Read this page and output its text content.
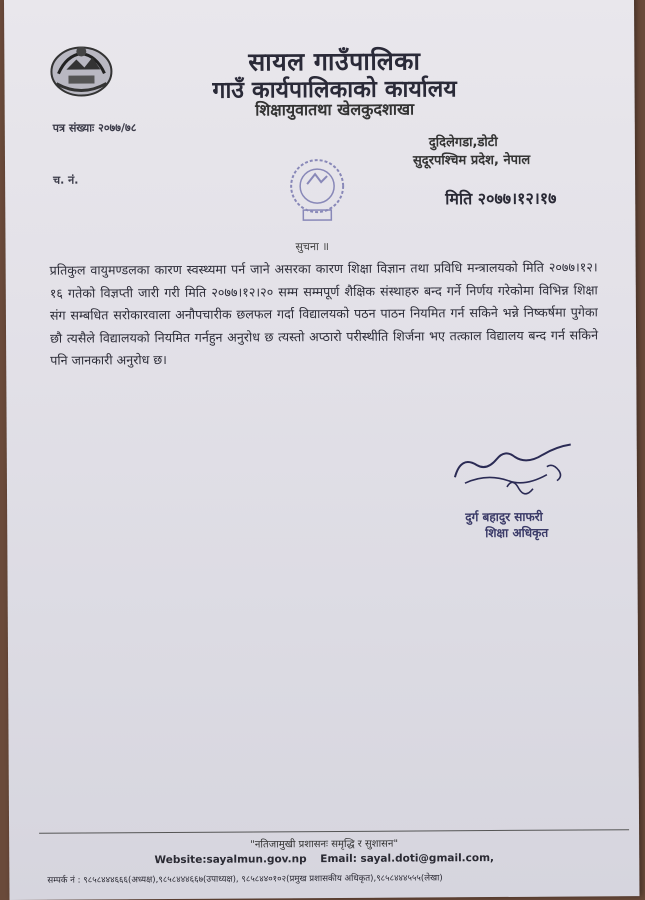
सायल गाउँपालिका
गाउँ कार्यपालिकाको कार्यालय
शिक्षायुवातथा खेलकुदशाखा
पत्र संख्याः २०७७/७८
दुदिलेगडा,डोटी
सुदूरपश्चिम प्रदेश, नेपाल
च. नं.
मिति २०७७।१२।१७
सुचना ॥
प्रतिकुल वायुमण्डलका कारण स्वस्थ्यमा पर्न जाने असरका कारण शिक्षा विज्ञान तथा प्रविधि मन्त्रालयको मिति २०७७।१२।१६ गतेको विज्ञप्ती जारी गरी मिति २०७७।१२।२० सम्म सम्मपूर्ण शैक्षिक संस्थाहरु बन्द गर्ने निर्णय गरेकोमा विभिन्न शिक्षा संग सम्बधित सरोकारवाला अनौपचारीक छलफल गर्दा विद्यालयको पठन पाठन नियमित गर्न सकिने भन्ने निष्कर्षमा पुगेका छौ त्यसैले विद्यालयको नियमित गर्नहुन अनुरोध छ त्यस्तो अप्ठारो परीस्थीति शिर्जना भए तत्काल विद्यालय बन्द गर्न सकिने पनि जानकारी अनुरोध छ।
दुर्ग बहादुर साफरी
शिक्षा अधिकृत
"नतिजामुखी प्रशासनः समृद्धि र सुशासन"
Website:sayalmun.gov.np Email: sayal.doti@gmail.com,
सम्पर्क नं : ९८५८४४४६६६(अध्यक्ष),९८५८४४४६६७(उपाध्यक्ष), ९८५८४४०१०२(प्रमुख प्रशासकीय अधिकृत),९८५८४४४५५५(लेखा)
